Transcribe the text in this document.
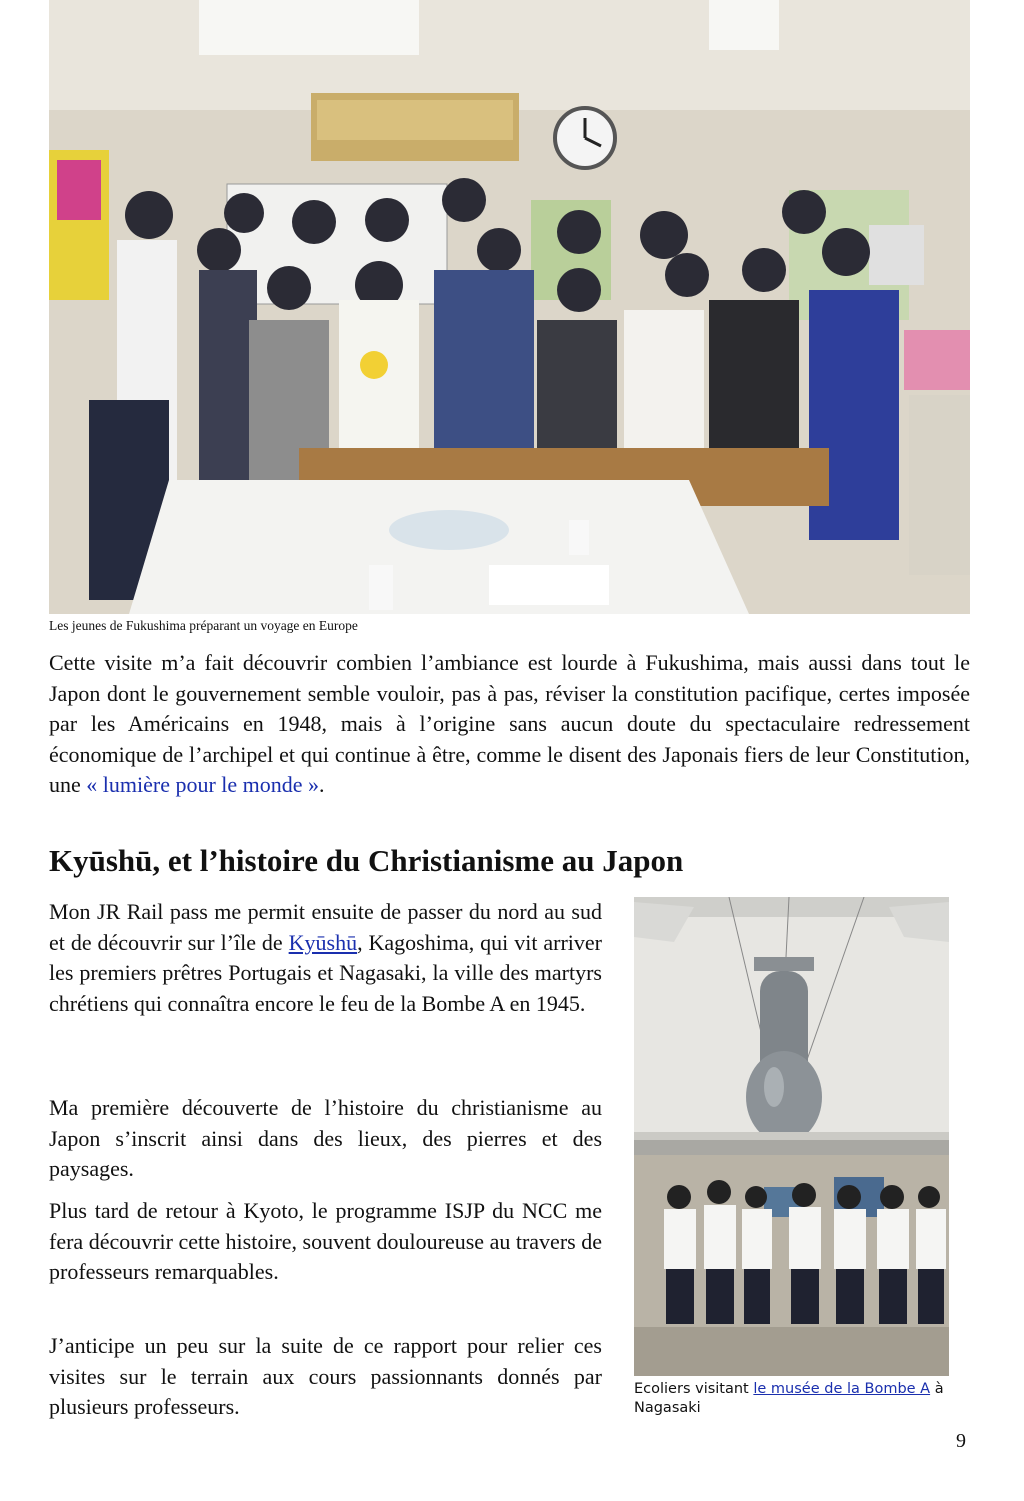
Les jeunes de Fukushima préparant un voyage en Europe

Cette visite m’a fait découvrir combien l’ambiance est lourde à Fukushima, mais aussi dans tout le Japon dont le gouvernement semble vouloir, pas à pas, réviser la constitution pacifique, certes imposée par les Américains en 1948, mais à l’origine sans aucun doute du spectaculaire redressement économique de l’archipel et qui continue à être, comme le disent des Japonais fiers de leur Constitution, une « lumière pour le monde ».

Kyūshū, et l’histoire du Christianisme au Japon

Mon JR Rail pass me permit ensuite de passer du nord au sud et de découvrir sur l’île de Kyūshū, Kagoshima, qui vit arriver les premiers prêtres Portugais et Nagasaki, la ville des martyrs chrétiens qui connaîtra encore le feu de la Bombe A en 1945.

Ma première découverte de l’histoire du christianisme au Japon s’inscrit ainsi dans des lieux, des pierres et des paysages.

Plus tard de retour à Kyoto, le programme ISJP du NCC me fera découvrir cette histoire, souvent douloureuse au travers de professeurs remarquables.

J’anticipe un peu sur la suite de ce rapport pour relier ces visites sur le terrain aux cours passionnants donnés par plusieurs professeurs.

Ecoliers visitant le musée de la Bombe A à Nagasaki
9
